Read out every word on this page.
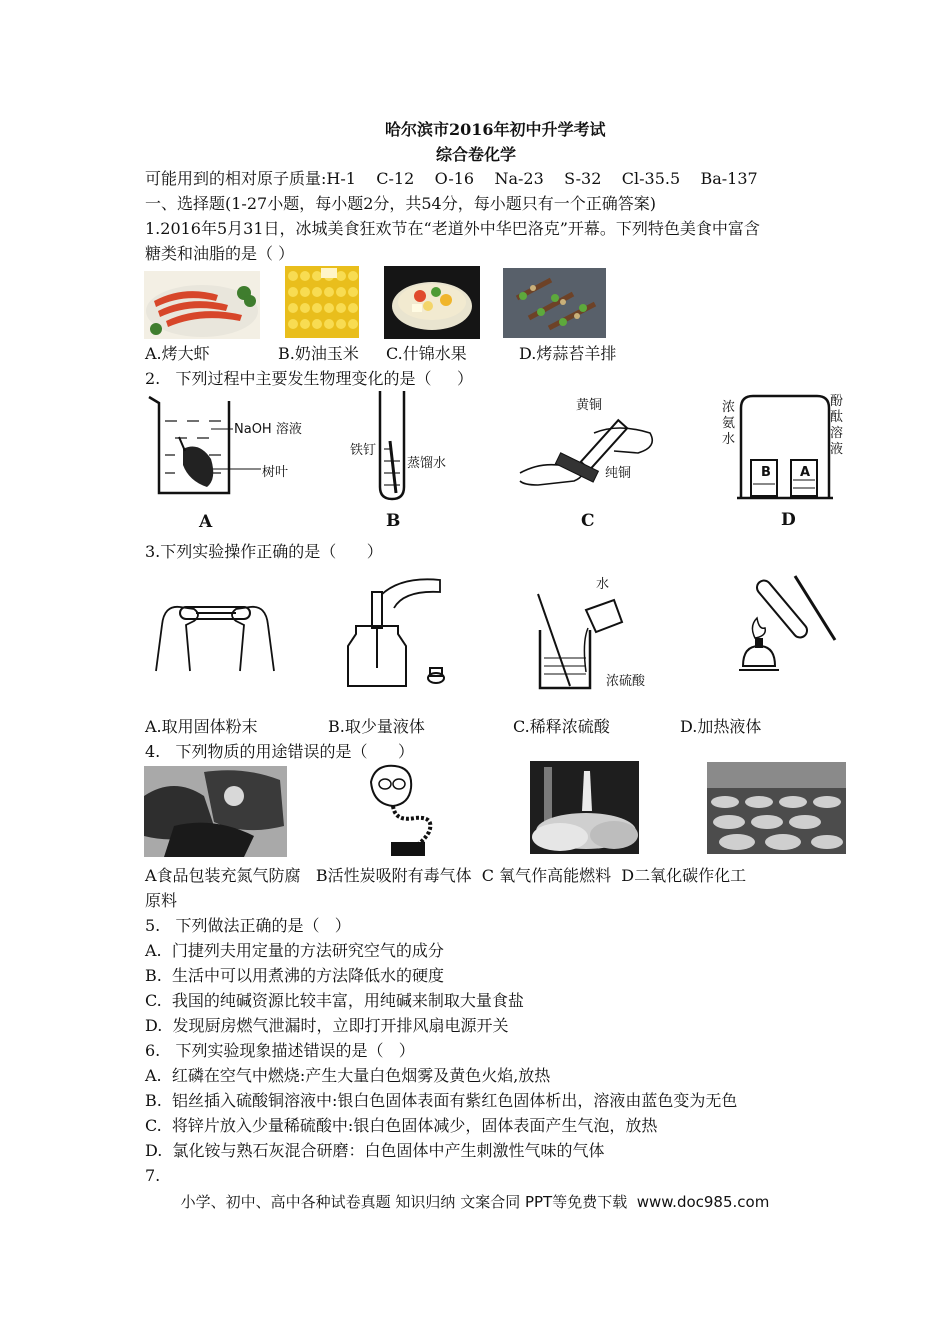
哈尔滨市2016年初中升学考试
综合卷化学
可能用到的相对原子质量:H-1    C-12    O-16    Na-23    S-32    Cl-35.5    Ba-137
一、选择题(1-27小题，每小题2分，共54分，每小题只有一个正确答案)
1.2016年5月31日，冰城美食狂欢节在“老道外中华巴洛克”开幕。下列特色美食中富含
糖类和油脂的是（ ）
A.烤大虾	B.奶油玉米 C.什锦水果	D.烤蒜苔羊排
2.   下列过程中主要发生物理变化的是（     ）
NaOH 溶液
树叶
铁钉
蒸馏水
黄铜
纯铜
浓
氨
水
酚
酞
溶
液
B A
A	B	C	D
3.下列实验操作正确的是（      ）
水
浓硫酸
A.取用固体粉末	B.取少量液体	C.稀释浓硫酸	D.加热液体
4.   下列物质的用途错误的是（      ）
A食品包装充氮气防腐   B活性炭吸附有毒气体  C 氧气作高能燃料  D二氧化碳作化工
原料
5.   下列做法正确的是（   ）
A.  门捷列夫用定量的方法研究空气的成分
B.  生活中可以用煮沸的方法降低水的硬度
C.  我国的纯碱资源比较丰富，用纯碱来制取大量食盐
D.  发现厨房燃气泄漏时，立即打开排风扇电源开关
6.   下列实验现象描述错误的是（   ）
A.  红磷在空气中燃烧:产生大量白色烟雾及黄色火焰,放热
B.  铝丝插入硫酸铜溶液中:银白色固体表面有紫红色固体析出，溶液由蓝色变为无色
C.  将锌片放入少量稀硫酸中:银白色固体减少，固体表面产生气泡，放热
D.  氯化铵与熟石灰混合研磨：白色固体中产生刺激性气味的气体
7.
小学、初中、高中各种试卷真题 知识归纳 文案合同 PPT等免费下载  www.doc985.com
